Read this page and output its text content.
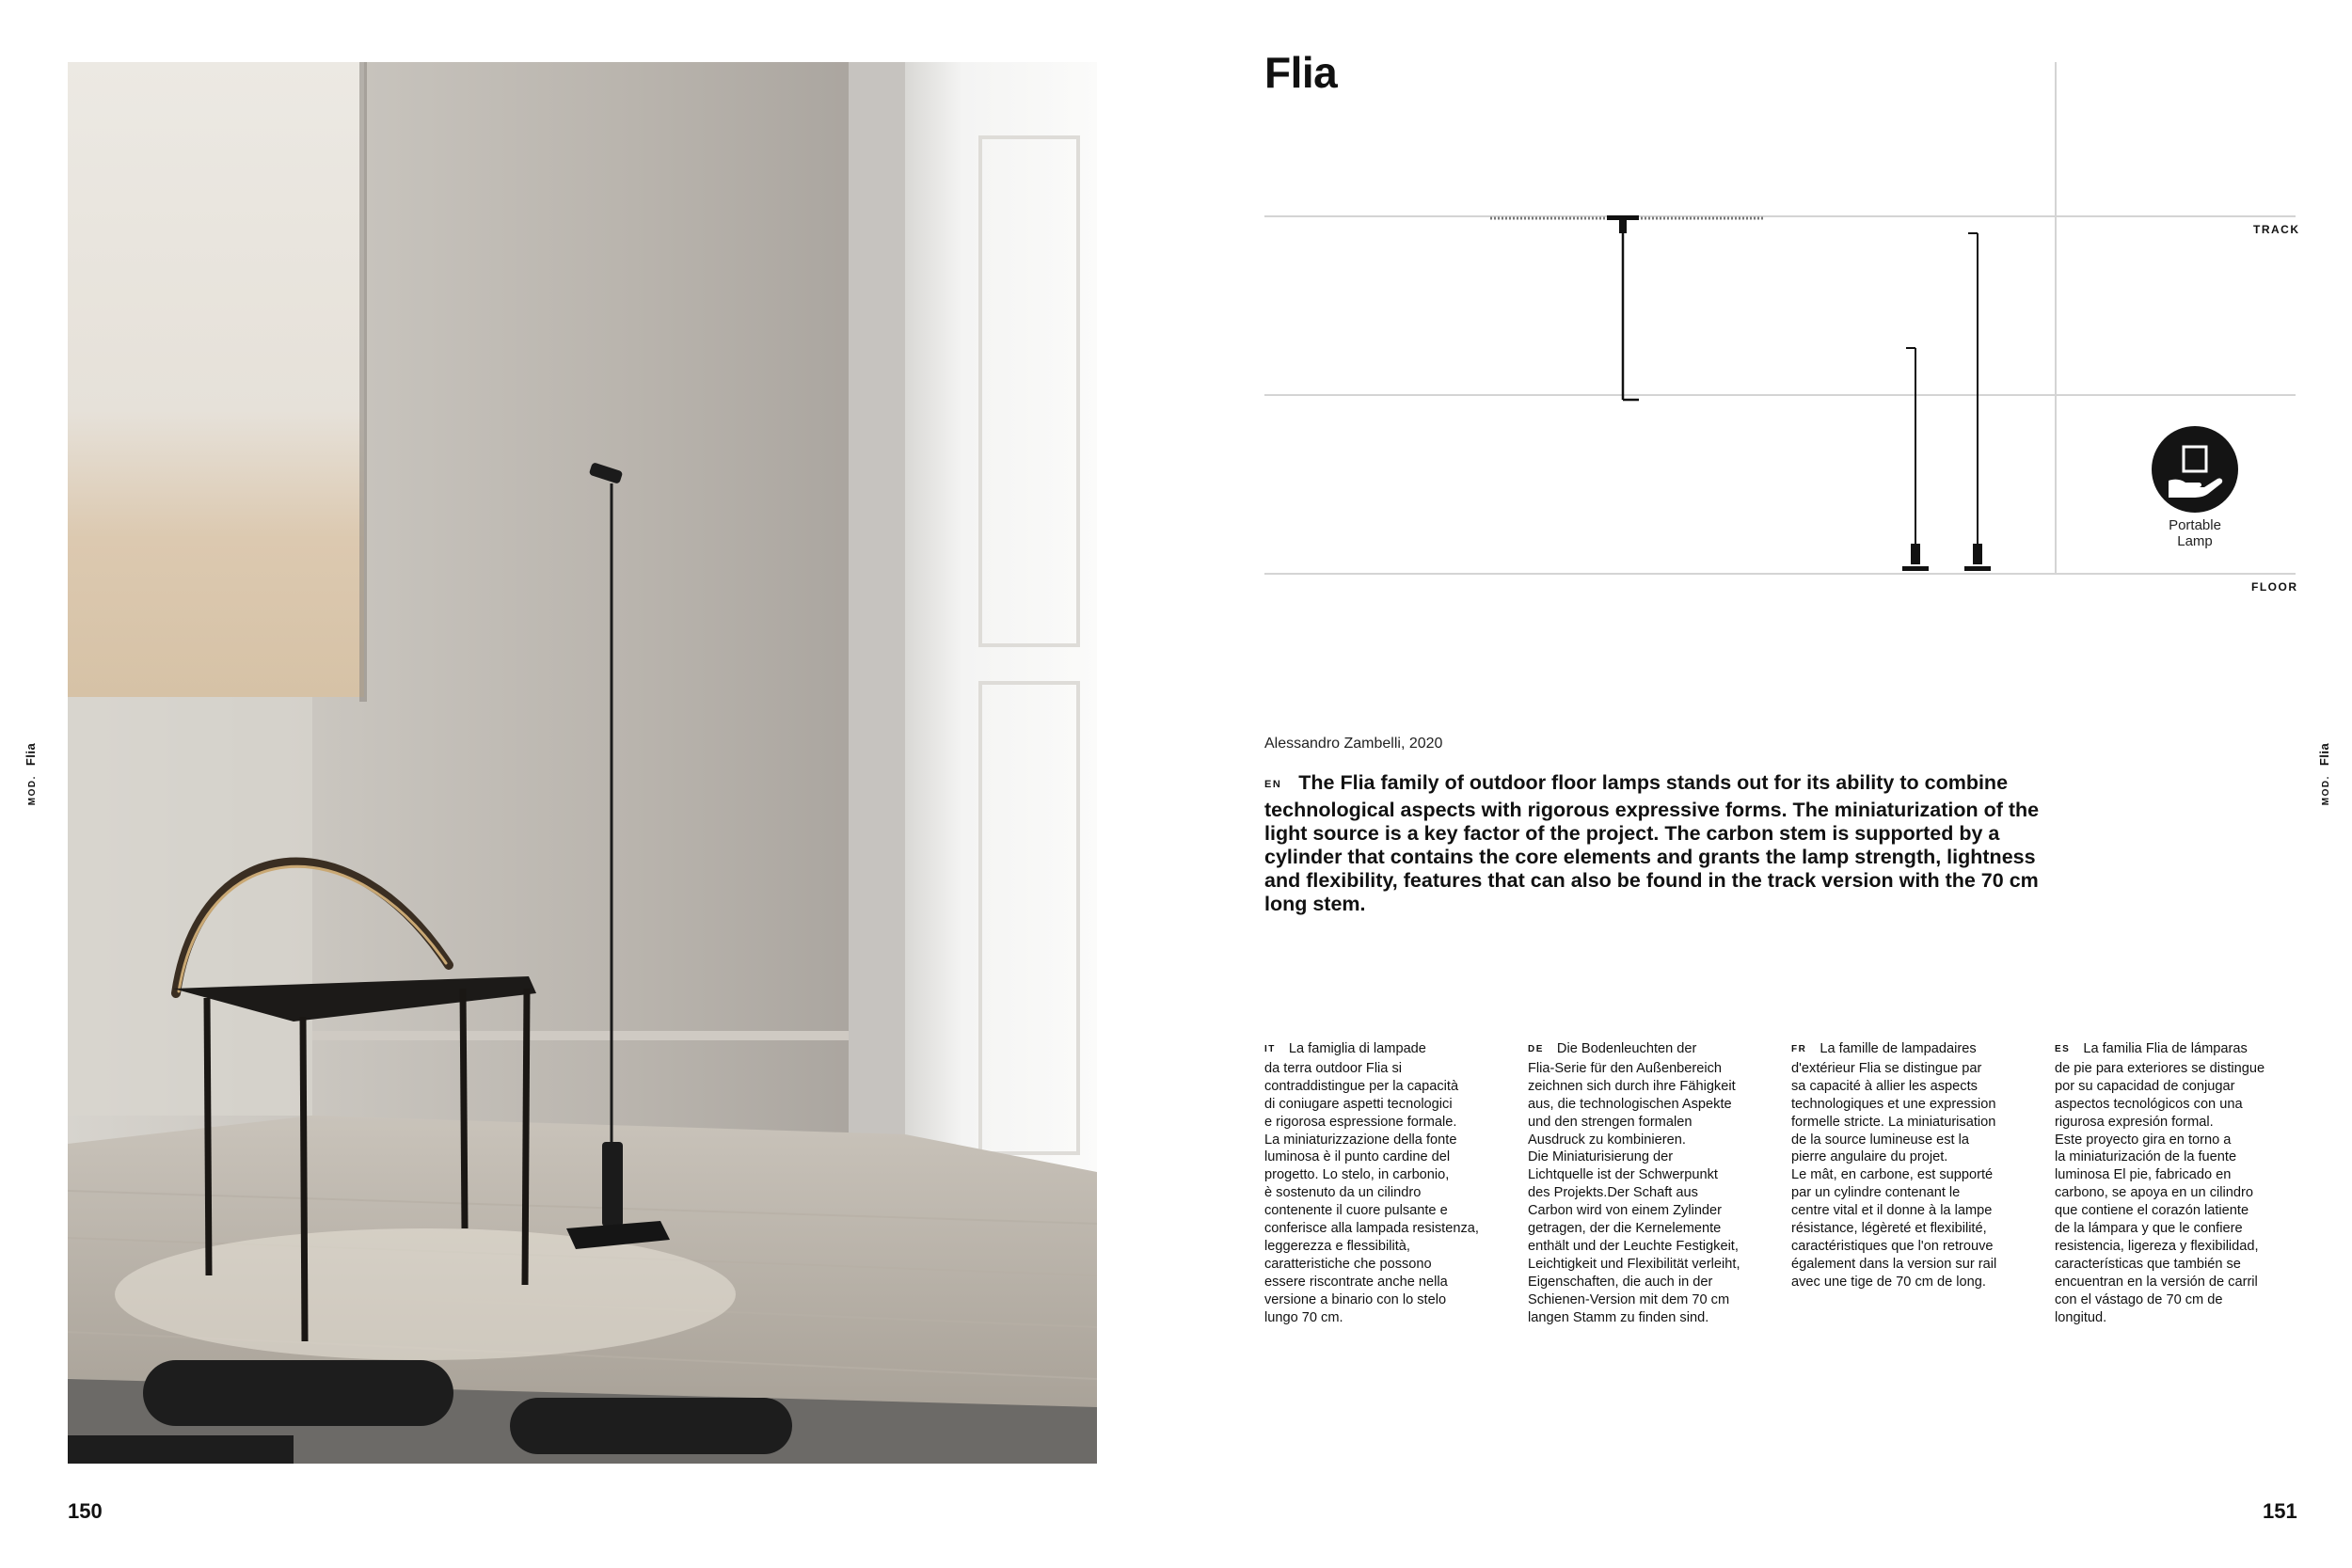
MOD.Flia
150
Flia
TRACK
FLOOR
Portable
Lamp
Alessandro Zambelli, 2020
EN The Flia family of outdoor floor lamps stands out for its ability to combine technological aspects with rigorous expressive forms. The miniaturization of the light source is a key factor of the project. The carbon stem is supported by a cylinder that contains the core elements and grants the lamp strength, lightness and flexibility, features that can also be found in the track version with the 70 cm long stem.
IT La famiglia di lampade
da terra outdoor Flia si
contraddistingue per la capacità
di coniugare aspetti tecnologici
e rigorosa espressione formale.
La miniaturizzazione della fonte
luminosa è il punto cardine del
progetto. Lo stelo, in carbonio,
è sostenuto da un cilindro
contenente il cuore pulsante e
conferisce alla lampada resistenza,
leggerezza e flessibilità,
caratteristiche che possono
essere riscontrate anche nella
versione a binario con lo stelo
lungo 70 cm.
DE Die Bodenleuchten der
Flia-Serie für den Außenbereich
zeichnen sich durch ihre Fähigkeit
aus, die technologischen Aspekte
und den strengen formalen
Ausdruck zu kombinieren.
Die Miniaturisierung der
Lichtquelle ist der Schwerpunkt
des Projekts.Der Schaft aus
Carbon wird von einem Zylinder
getragen, der die Kernelemente
enthält und der Leuchte Festigkeit,
Leichtigkeit und Flexibilität verleiht,
Eigenschaften, die auch in der
Schienen-Version mit dem 70 cm
langen Stamm zu finden sind.
FR La famille de lampadaires
d'extérieur Flia se distingue par
sa capacité à allier les aspects
technologiques et une expression
formelle stricte. La miniaturisation
de la source lumineuse est la
pierre angulaire du projet.
Le mât, en carbone, est supporté
par un cylindre contenant le
centre vital et il donne à la lampe
résistance, légèreté et flexibilité,
caractéristiques que l'on retrouve
également dans la version sur rail
avec une tige de 70 cm de long.
ES La familia Flia de lámparas
de pie para exteriores se distingue
por su capacidad de conjugar
aspectos tecnológicos con una
rigurosa expresión formal.
Este proyecto gira en torno a
la miniaturización de la fuente
luminosa El pie, fabricado en
carbono, se apoya en un cilindro
que contiene el corazón latiente
de la lámpara y que le confiere
resistencia, ligereza y flexibilidad,
características que también se
encuentran en la versión de carril
con el vástago de 70 cm de
longitud.
MOD.Flia
151
